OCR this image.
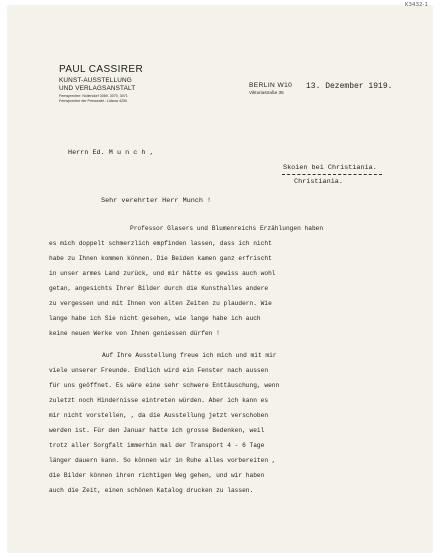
K3432-1
PAUL CASSIRER
KUNST-AUSSTELLUNG
UND VERLAGSANSTALT
Fernsprecher: Nollendorf 3069, 3070, 3071
Fernsprecher der Presseabt.: Lützow 4250
BERLIN W10
Viktoriastraße 35
13. Dezember 1919.
Herrn Ed. M u n c h ,
Skoien bei Christiania.
Christiania.
Sehr verehrter Herr Munch !
Professor Glasers und Blumenreichs Erzählungen haben
es mich doppelt schmerzlich empfinden lassen, dass ich nicht
habe zu Ihnen kommen können. Die Beiden kamen ganz erfrischt
in unser armes Land zurück, und mir hätte es gewiss auch wohl
getan, angesichts Ihrer Bilder durch die Kunsthalles andere
zu vergessen und mit Ihnen von alten Zeiten zu plaudern. Wie
lange habe ich Sie nicht gesehen, wie lange habe ich auch
keine neuen Werke von Ihnen geniessen dürfen !
Auf Ihre Ausstellung freue ich mich und mit mir
viele unserer Freunde. Endlich wird ein Fenster nach aussen
für uns geöffnet. Es wäre eine sehr schwere Enttäuschung, wenn
zuletzt noch Hindernisse eintreten würden. Aber ich kann es
mir nicht vorstellen, , da die Ausstellung jetzt verschoben
werden ist. Für den Januar hatte ich grosse Bedenken, weil
trotz aller Sorgfalt immerhin mal der Transport 4 - 6 Tage
länger dauern kann. So können wir in Ruhe alles vorbereiten ,
die Bilder können ihren richtigen Weg gehen, und wir haben
auch die Zeit, einen schönen Katalog drucken zu lassen.
